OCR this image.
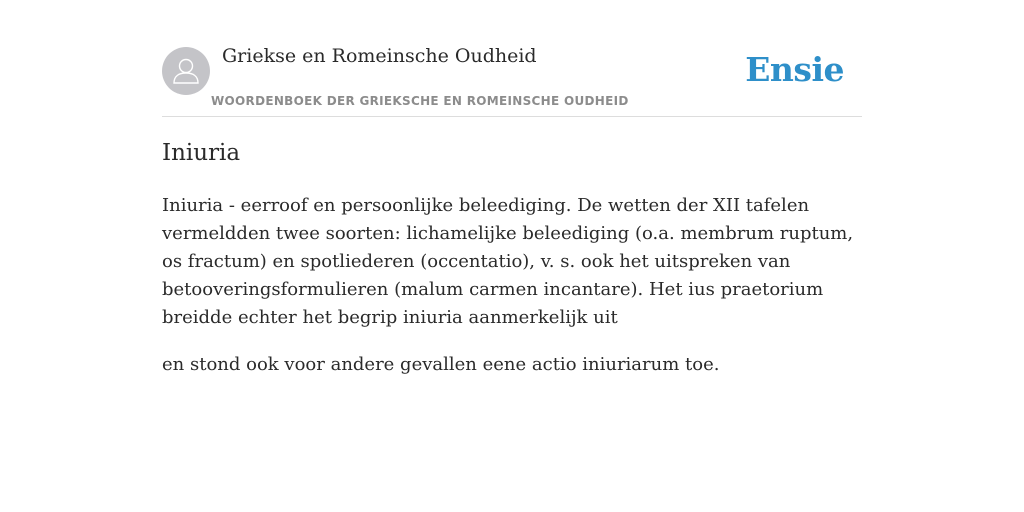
Griekse en Romeinsche Oudheid
WOORDENBOEK DER GRIEKSCHE EN ROMEINSCHE OUDHEID
Ensie
Iniuria

Iniuria - eerroof en persoonlijke beleediging. De wetten der XII tafelen vermeldden twee soorten: lichamelijke beleediging (o.a. membrum ruptum, os fractum) en spotliederen (occentatio), v. s. ook het uitspreken van betooveringsformulieren (malum carmen incantare). Het ius praetorium breidde echter het begrip iniuria aanmerkelijk uit

en stond ook voor andere gevallen eene actio iniuriarum toe.
